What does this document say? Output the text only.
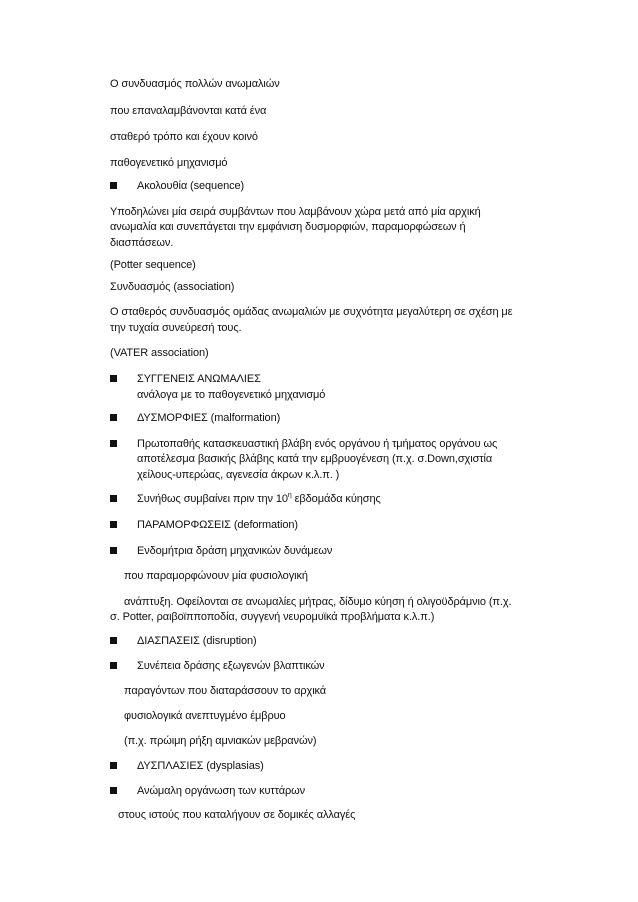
Ο συνδυασμός πολλών ανωμαλιών
που επαναλαμβάνονται κατά ένα
σταθερό τρόπο και έχουν κοινό
παθογενετικό μηχανισμό
Ακολουθία (sequence)
Υποδηλώνει μία σειρά συμβάντων που λαμβάνουν χώρα μετά από μία αρχική
ανωμαλία και συνεπάγεται την εμφάνιση δυσμορφιών, παραμορφώσεων ή
διασπάσεων.
(Potter sequence)
Συνδυασμός (association)
Ο σταθερός συνδυασμός ομάδας ανωμαλιών με συχνότητα μεγαλύτερη σε σχέση με
την τυχαία συνεύρεσή τους.
(VATER association)
ΣΥΓΓΕΝΕΙΣ ΑΝΩΜΑΛΙΕΣ
ανάλογα με το παθογενετικό μηχανισμό
ΔΥΣΜΟΡΦΙΕΣ (malformation)
Πρωτοπαθής κατασκευαστική βλάβη ενός οργάνου ή τμήματος οργάνου ως
αποτέλεσμα βασικής βλάβης κατά την εμβρυογένεση (π.χ. σ.Down,σχιστία
χείλους-υπερώας, αγενεσία άκρων κ.λ.π. )
Συνήθως συμβαίνει πριν την $10^\eta$ εβδομάδα κύησης
ΠΑΡΑΜΟΡΦΩΣΕΙΣ (deformation)
Ενδομήτρια δράση μηχανικών δυνάμεων
που παραμορφώνουν μία φυσιολογική
ανάπτυξη. Οφείλονται σε ανωμαλίες μήτρας, δίδυμο κύηση ή ολιγοϋδράμνιο (π.χ.
σ. Potter, ραιβοϊπποποδία, συγγενή νευρομυϊκά προβλήματα κ.λ.π.)
ΔΙΑΣΠΑΣΕΙΣ (disruption)
Συνέπεια δράσης εξωγενών βλαπτικών
παραγόντων που διαταράσσουν το αρχικά
φυσιολογικά ανεπτυγμένο έμβρυο
(π.χ. πρώιμη ρήξη αμνιακών μεβρανών)
ΔΥΣΠΛΑΣΙΕΣ (dysplasias)
Ανώμαλη οργάνωση των κυττάρων
στους ιστούς που καταλήγουν σε δομικές αλλαγές
